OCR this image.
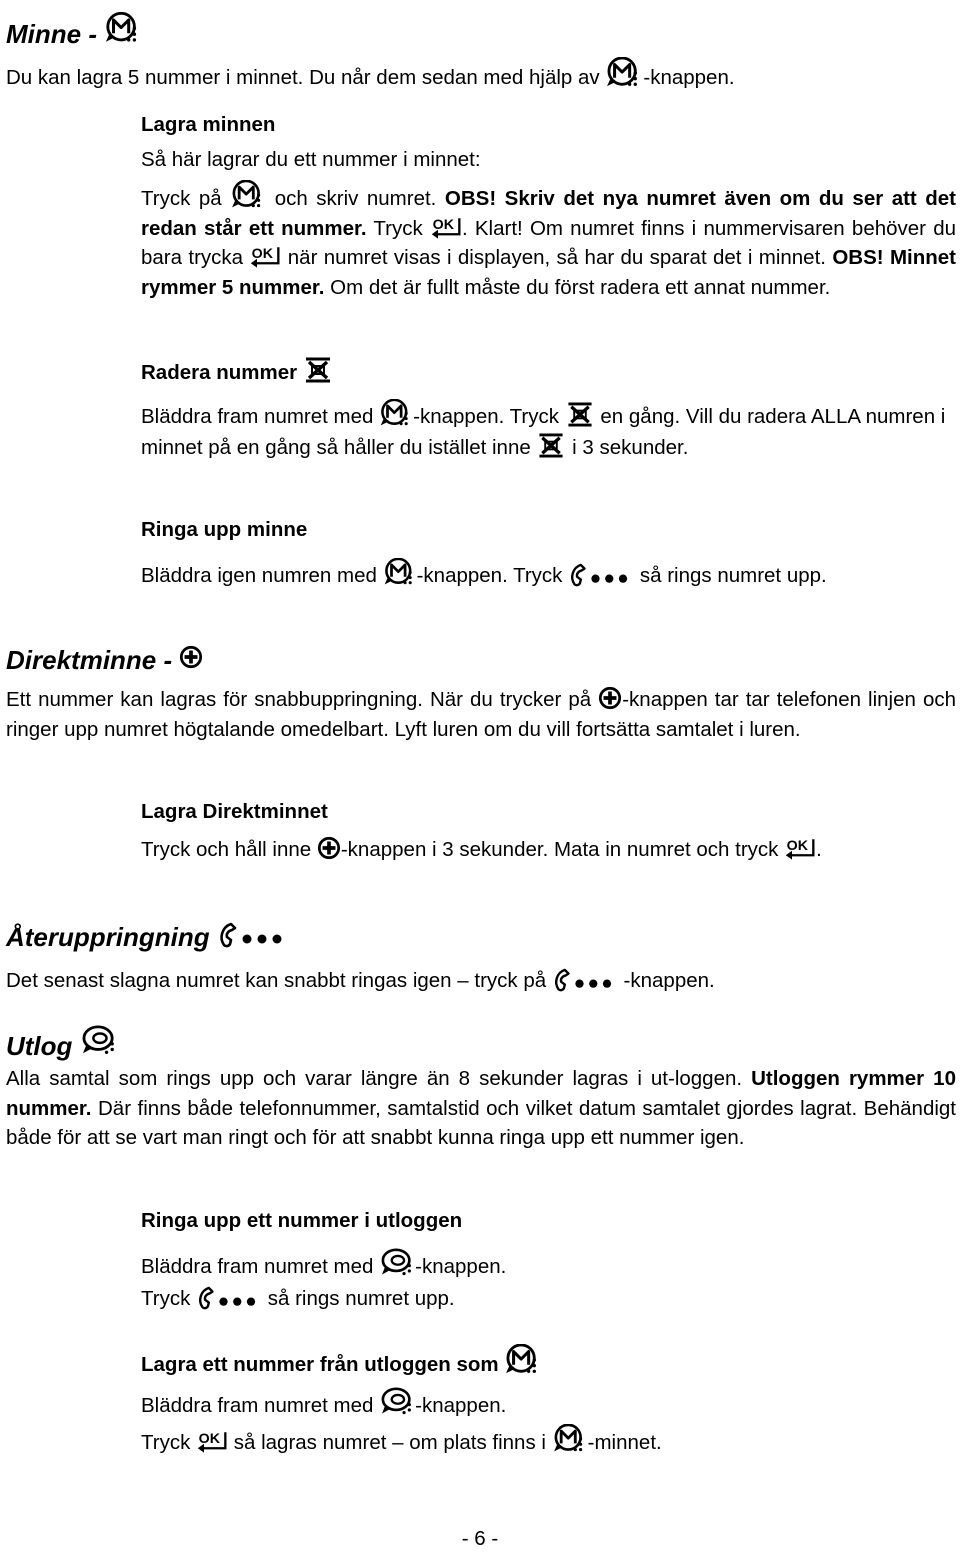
Minne -

Du kan lagra 5 nummer i minnet. Du når dem sedan med hjälp av -knappen.

Lagra minnen

Så här lagrar du ett nummer i minnet:

Tryck på	och skriv numret. OBS! Skriv det nya numret även om du ser att det redan står ett nummer. Tryck . Klart! Om numret finns i nummervisaren behöver du bara trycka när numret visas i displayen, så har du sparat det i minnet. OBS! Minnet rymmer 5 nummer. Om det är fullt måste du först radera ett annat nummer.

Radera nummer

Bläddra fram numret med -knappen. Tryck en gång. Vill du radera ALLA numren i minnet på en gång så håller du istället inne i 3 sekunder.

Ringa upp minne

Bläddra igen numren med -knappen. Tryck	så rings numret upp.

Direktminne -

Ett nummer kan lagras för snabbuppringning. När du trycker på -knappen tar tar telefonen linjen och ringer upp numret högtalande omedelbart. Lyft luren om du vill fortsätta samtalet i luren.

Lagra Direktminnet

Tryck och håll inne -knappen i 3 sekunder. Mata in numret och tryck .

Återuppringning

Det senast slagna numret kan snabbt ringas igen – tryck på	-knappen.

Utlog

Alla samtal som rings upp och varar längre än 8 sekunder lagras i ut-loggen. Utloggen rymmer 10 nummer. Där finns både telefonnummer, samtalstid och vilket datum samtalet gjordes lagrat. Behändigt både för att se vart man ringt och för att snabbt kunna ringa upp ett nummer igen.

Ringa upp ett nummer i utloggen

Bläddra fram numret med -knappen.

Tryck	så rings numret upp.

Lagra ett nummer från utloggen som

Bläddra fram numret med -knappen.

Tryck så lagras numret – om plats finns i -minnet.

- 6 -
